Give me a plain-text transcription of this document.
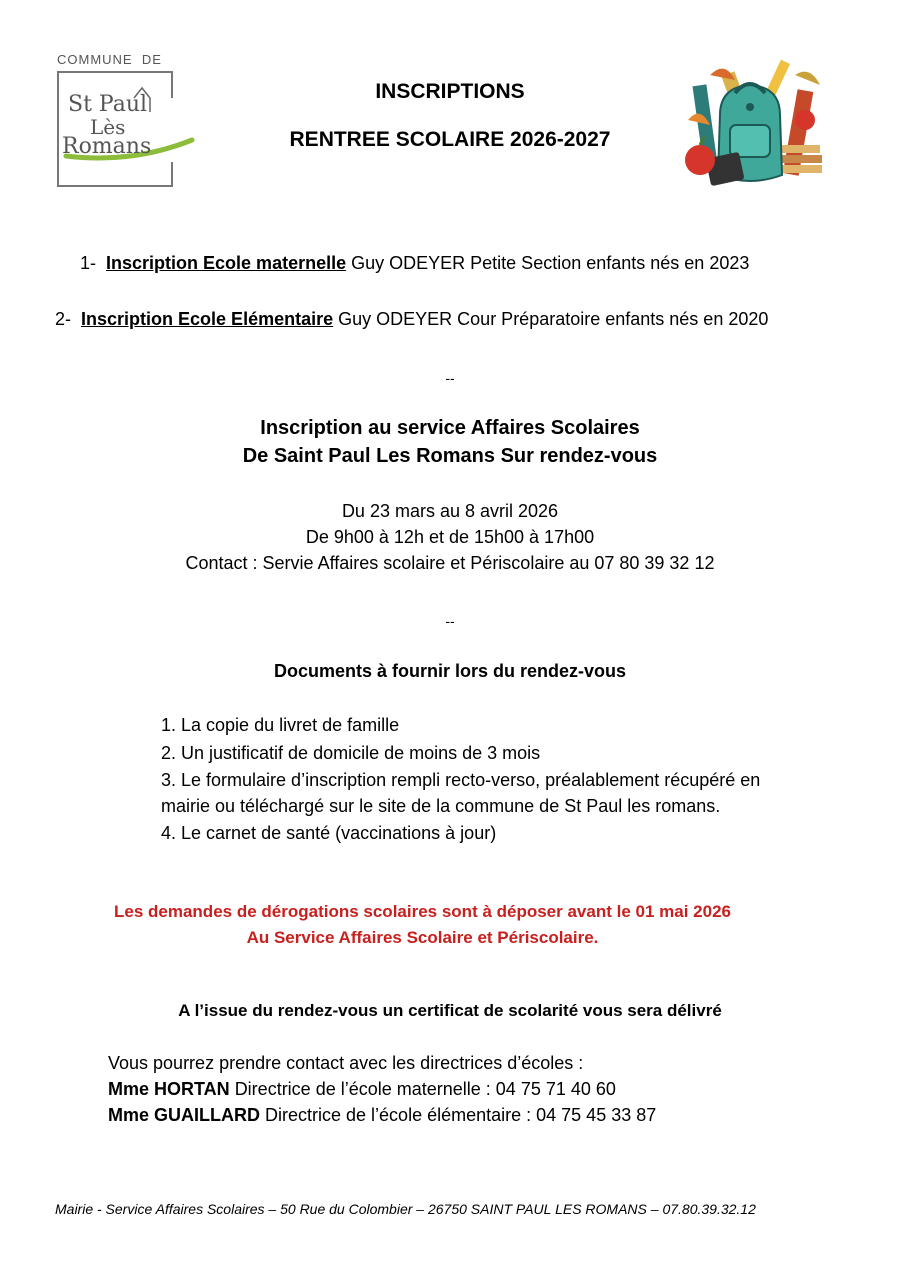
COMMUNE  DE
St Paul
Lès
Romans
INSCRIPTIONS
RENTREE SCOLAIRE 2026-2027
1- Inscription Ecole maternelle Guy ODEYER Petite Section enfants nés en 2023
2- Inscription Ecole Elémentaire Guy ODEYER Cour Préparatoire enfants nés en 2020
--
Inscription au service Affaires Scolaires
De Saint Paul Les Romans Sur rendez-vous
Du 23 mars au 8 avril 2026
De 9h00 à 12h et de 15h00 à 17h00
Contact : Servie Affaires scolaire et Périscolaire au 07 80 39 32 12
--
Documents à fournir lors du rendez-vous
1. La copie du livret de famille
2. Un justificatif de domicile de moins de 3 mois
3. Le formulaire d’inscription rempli recto-verso, préalablement récupéré en
mairie ou téléchargé sur le site de la commune de St Paul les romans.
4. Le carnet de santé (vaccinations à jour)
Les demandes de dérogations scolaires sont à déposer avant le 01 mai 2026
Au Service Affaires Scolaire et Périscolaire.
A l’issue du rendez-vous un certificat de scolarité vous sera délivré
Vous pourrez prendre contact avec les directrices d’écoles :
Mme HORTAN Directrice de l’école maternelle : 04 75 71 40 60
Mme GUAILLARD Directrice de l’école élémentaire : 04 75 45 33 87
Mairie - Service Affaires Scolaires – 50 Rue du Colombier – 26750 SAINT PAUL LES ROMANS – 07.80.39.32.12
